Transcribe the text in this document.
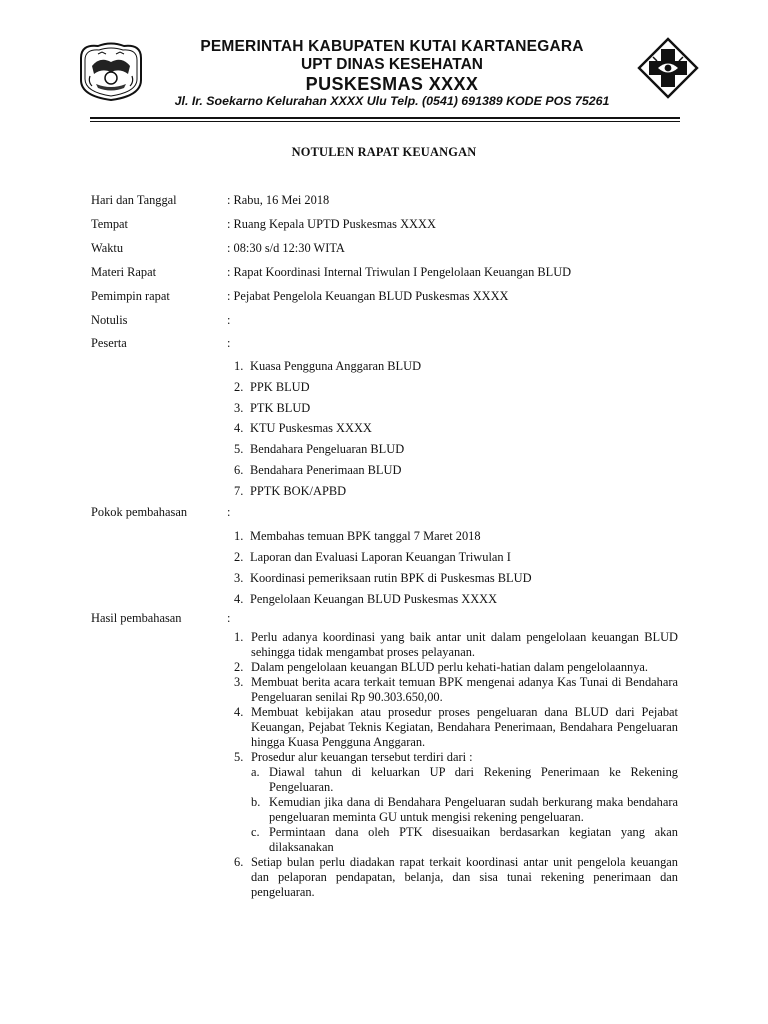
PEMERINTAH KABUPATEN KUTAI KARTANEGARA
UPT DINAS KESEHATAN
PUSKESMAS XXXX
Jl. Ir. Soekarno Kelurahan XXXX Ulu Telp. (0541) 691389 KODE POS 75261
NOTULEN RAPAT KEUANGAN
Hari dan Tanggal	: Rabu, 16 Mei 2018
Tempat	: Ruang Kepala UPTD Puskesmas XXXX
Waktu	: 08:30 s/d 12:30 WITA
Materi Rapat	: Rapat Koordinasi Internal Triwulan I Pengelolaan Keuangan BLUD
Pemimpin rapat	: Pejabat Pengelola Keuangan BLUD Puskesmas XXXX
Notulis	:
Peserta	:
1. Kuasa Pengguna Anggaran BLUD
2. PPK BLUD
3. PTK BLUD
4. KTU Puskesmas XXXX
5. Bendahara Pengeluaran BLUD
6. Bendahara Penerimaan BLUD
7. PPTK BOK/APBD
Pokok pembahasan	:
1. Membahas temuan BPK tanggal 7 Maret 2018
2. Laporan dan Evaluasi Laporan Keuangan Triwulan I
3. Koordinasi pemeriksaan rutin BPK di Puskesmas BLUD
4. Pengelolaan Keuangan BLUD Puskesmas XXXX
Hasil pembahasan	:
1. Perlu adanya koordinasi yang baik antar unit dalam pengelolaan keuangan BLUD sehingga tidak mengambat proses pelayanan.
2. Dalam pengelolaan keuangan BLUD perlu kehati-hatian dalam pengelolaannya.
3. Membuat berita acara terkait temuan BPK mengenai adanya Kas Tunai di Bendahara Pengeluaran senilai Rp 90.303.650,00.
4. Membuat kebijakan atau prosedur proses pengeluaran dana BLUD dari Pejabat Keuangan, Pejabat Teknis Kegiatan, Bendahara Penerimaan, Bendahara Pengeluaran hingga Kuasa Pengguna Anggaran.
5. Prosedur alur keuangan tersebut terdiri dari :
a. Diawal tahun di keluarkan UP dari Rekening Penerimaan ke Rekening Pengeluaran.
b. Kemudian jika dana di Bendahara Pengeluaran sudah berkurang maka bendahara pengeluaran meminta GU untuk mengisi rekening pengeluaran.
c. Permintaan dana oleh PTK disesuaikan berdasarkan kegiatan yang akan dilaksanakan
6. Setiap bulan perlu diadakan rapat terkait koordinasi antar unit pengelola keuangan dan pelaporan pendapatan, belanja, dan sisa tunai rekening penerimaan dan pengeluaran.
